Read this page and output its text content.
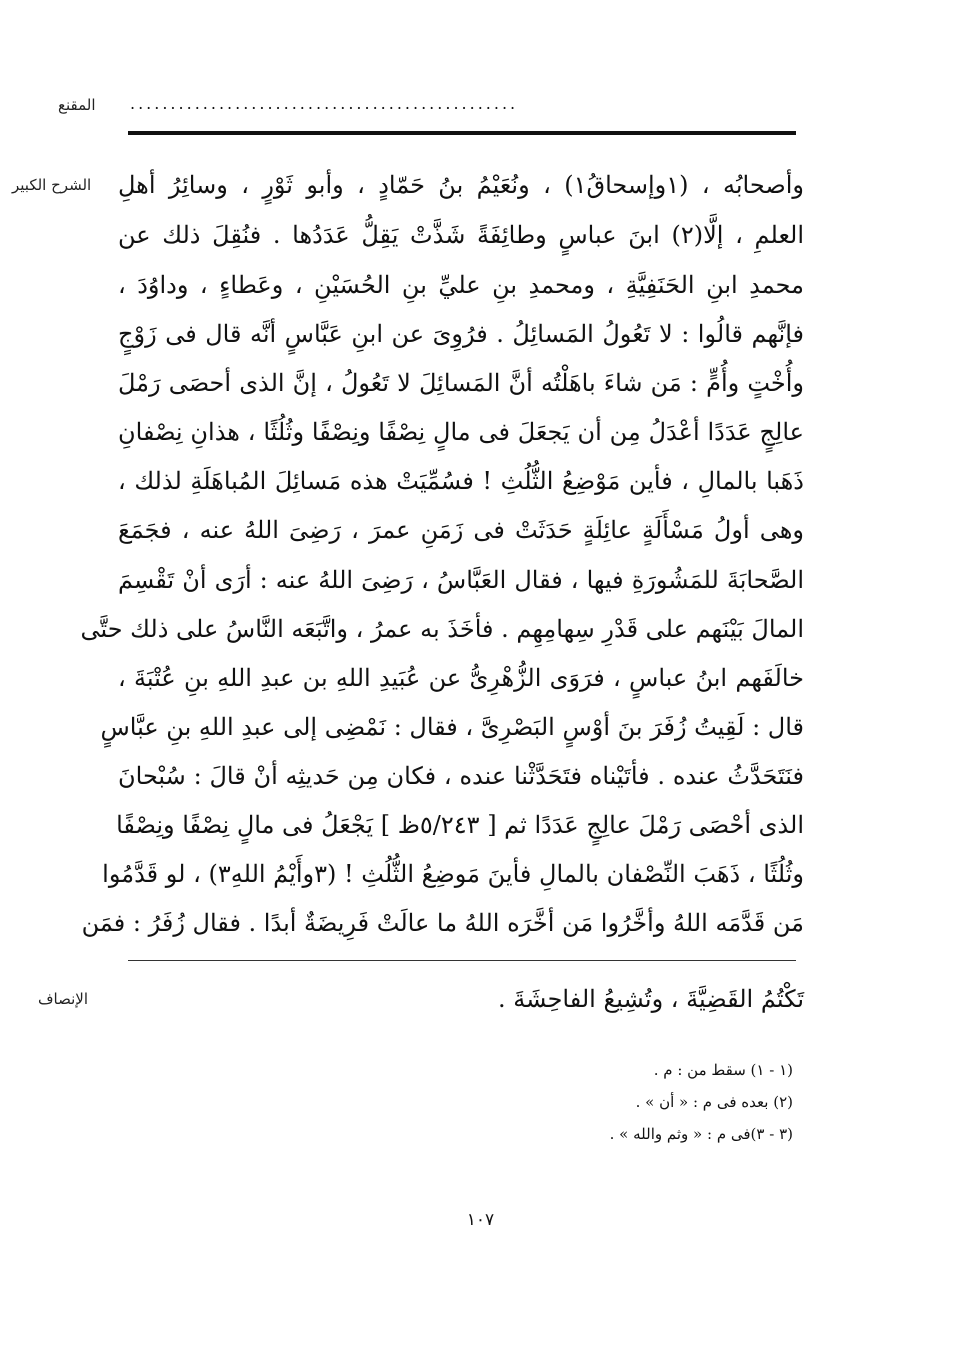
المقنع ................................................
الشرح الكبير
الإنصاف
وأصحابُه ، (١وإسحاقُ١) ، ونُعَيْمُ بنُ حَمّادٍ ، وأبو ثَوْرٍ ، وسائِرُ أهلِ
العلمِ ، إلَّا(٢) ابنَ عباسٍ وطائِفَةً شَذَّتْ يَقِلُّ عَدَدُها . فنُقِلَ ذلك عن
محمدِ ابنِ الحَنَفِيَّةِ ، ومحمدِ بنِ عليِّ بنِ الحُسَيْنِ ، وعَطاءٍ ، وداوُدَ ،
فإنَّهم قالُوا : لا تَعُولُ المَسائِلُ . فرُوِىَ عن ابنِ عَبَّاسٍ أنَّه قال فى زَوْجٍ
وأُخْتٍ وأُمٍّ : مَن شاءَ باهَلْتُه أنَّ المَسائِلَ لا تَعُولُ ، إنَّ الذى أحصَى رَمْلَ
عالِجٍ عَدَدًا أعْدَلُ مِن أن يَجعَلَ فى مالٍ نِصْفًا ونِصْفًا وثُلُثًا ، هذانِ نِصْفانِ
ذَهَبا بالمالِ ، فأين مَوْضِعُ الثُّلُثِ ! فسُمِّيَتْ هذه مَسائِلَ المُباهَلَةِ لذلك ،
وهى أولُ مَسْأَلَةٍ عائِلَةٍ حَدَثَتْ فى زَمَنِ عمرَ ، رَضِىَ اللهُ عنه ، فجَمَعَ
الصَّحابَةَ للمَشُورَةِ فيها ، فقال العَبَّاسُ ، رَضِىَ اللهُ عنه : أرَى أنْ تَقْسِمَ
المالَ بَيْنَهم على قَدْرِ سِهامِهِم . فأخَذَ به عمرُ ، واتَّبَعَه النَّاسُ على ذلك حتَّى
خالَفَهم ابنُ عباسٍ ، فرَوَى الزُّهْرِىُّ عن عُبَيدِ اللهِ بن عبدِ اللهِ بنِ عُتْبَةَ ،
قال : لَقِيتُ زُفَرَ بنَ أوْسٍ البَصْرِىَّ ، فقال : نَمْضِى إلى عبدِ اللهِ بنِ عبَّاسٍ
فنَتَحَدَّثُ عنده . فأتَيْناه فتَحَدَّثْنا عنده ، فكان مِن حَديثِه أنْ قالَ : سُبْحانَ
الذى أحْصَى رَمْلَ عالِجٍ عَدَدًا ثم [ ٥/٢٤٣ظ ] يَجْعَلُ فى مالٍ نِصْفًا ونِصْفًا
وثُلُثًا ، ذَهَبَ النِّصْفان بالمالِ فأينَ مَوضِعُ الثُّلُثِ ! (٣وأَيْمُ اللهِ٣) ، لو قَدَّمُوا
مَن قَدَّمَه اللهُ وأخَّرُوا مَن أخَّرَه اللهُ ما عالَتْ فَرِيضَةٌ أبدًا . فقال زُفَرُ : فمَن
تَكْتُمُ القَضِيَّةَ ، وتُشِيعُ الفاحِشَةَ .
(١ - ١) سقط من : م .
(٢) بعده فى م : « أن » .
(٣ - ٣)فى م : « وثم والله » .
١٠٧
